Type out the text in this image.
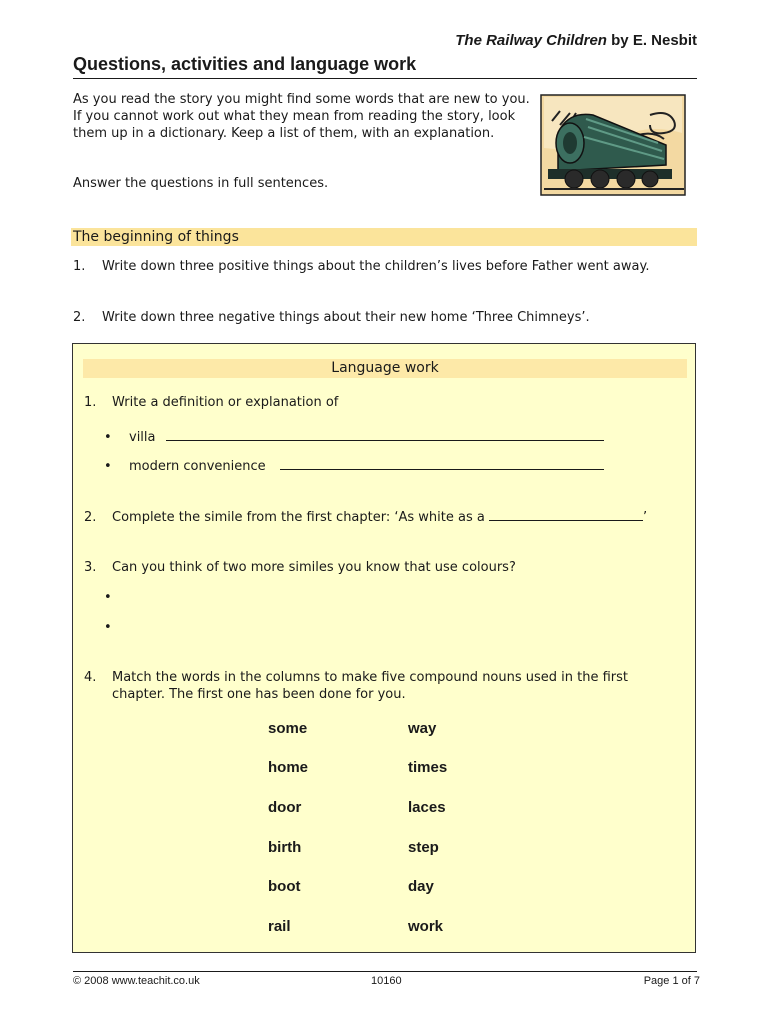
The Railway Children by E. Nesbit
Questions, activities and language work
As you read the story you might find some words that are new to you. If you cannot work out what they mean from reading the story, look them up in a dictionary. Keep a list of them, with an explanation.
Answer the questions in full sentences.
The beginning of things
1. Write down three positive things about the children’s lives before Father went away.
2. Write down three negative things about their new home ‘Three Chimneys’.
Language work
1. Write a definition or explanation of
• villa
• modern convenience
2. Complete the simile from the first chapter: ‘As white as a	’
3. Can you think of two more similes you know that use colours?
•
•
4. Match the words in the columns to make five compound nouns used in the first chapter. The first one has been done for you.
some	way
home	times
door	laces
birth	step
boot	day
rail	work
© 2008 www.teachit.co.uk	10160	Page 1 of 7
